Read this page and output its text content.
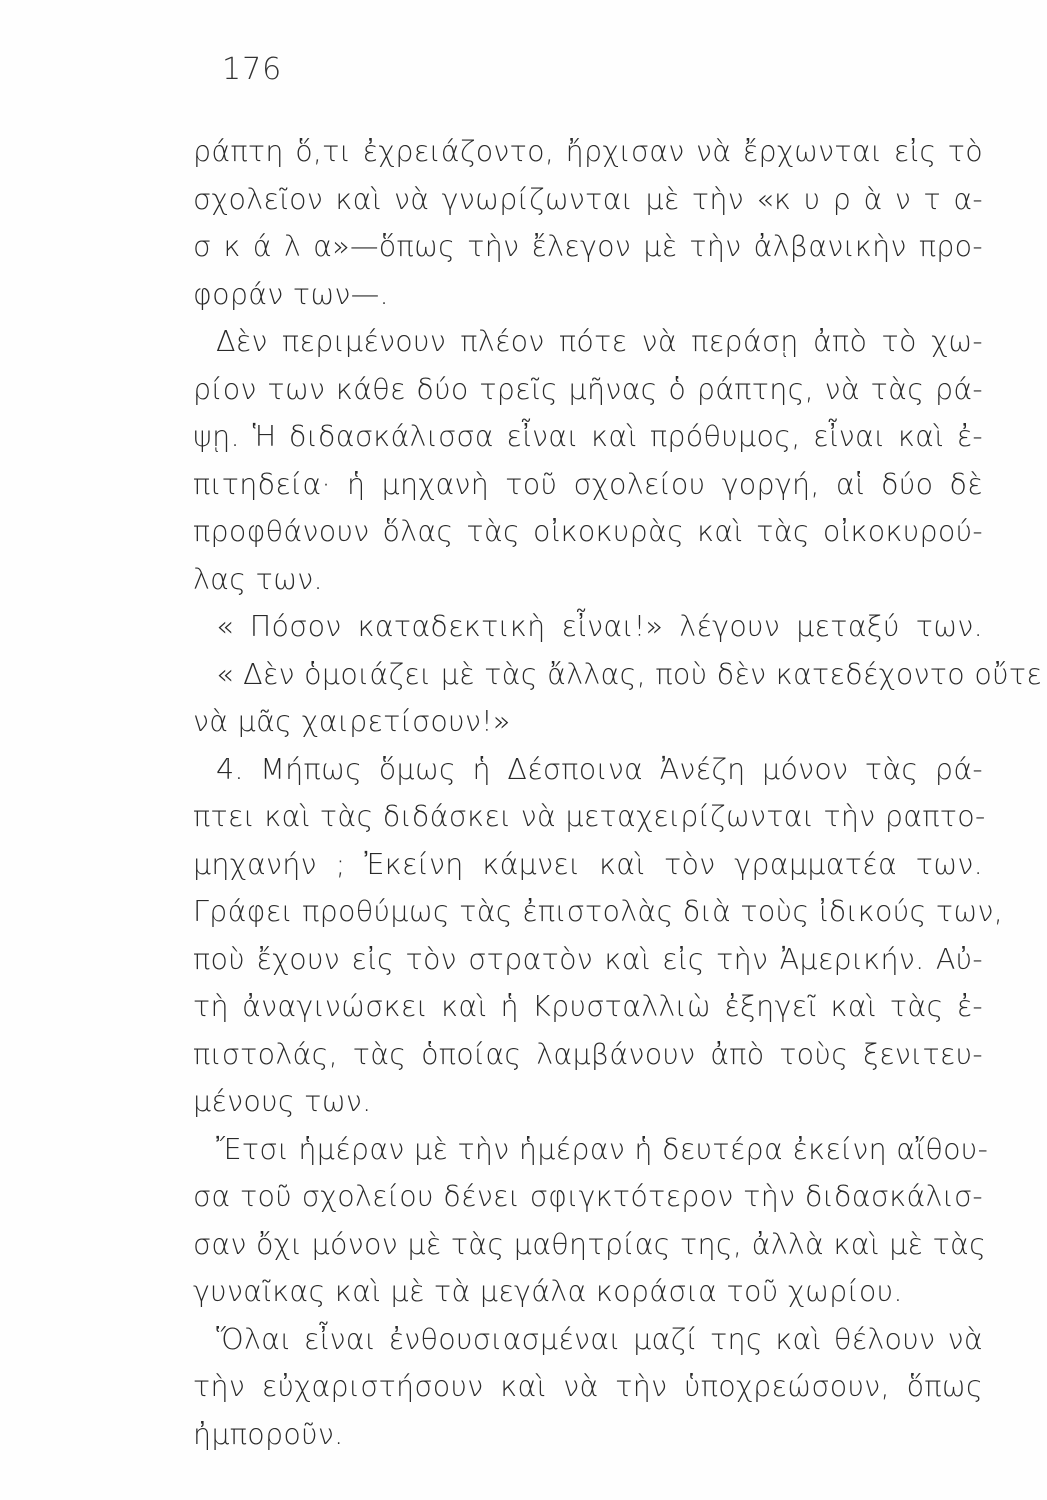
176
ράπτη ὅ,τι ἐχρειάζοντο, ἤρχισαν νὰ ἔρχωνται εἰς τὸ
σχολεῖον καὶ νὰ γνωρίζωνται μὲ τὴν «κ υ ρ ὰ ν τ α-
σ κ ά λ α»—ὅπως τὴν ἔλεγον μὲ τὴν ἀλβανικὴν προ-
φοράν των—.
Δὲν περιμένουν πλέον πότε νὰ περάσῃ ἀπὸ τὸ χω-
ρίον των κάθε δύο τρεῖς μῆνας ὁ ράπτης, νὰ τὰς ρά-
ψῃ. Ἡ διδασκάλισσα εἶναι καὶ πρόθυμος, εἶναι καὶ ἐ-
πιτηδεία· ἡ μηχανὴ τοῦ σχολείου γοργή, αἱ δύο δὲ
προφθάνουν ὅλας τὰς οἰκοκυρὰς καὶ τὰς οἰκοκυρού-
λας των.
« Πόσον καταδεκτικὴ εἶναι!» λέγουν μεταξύ των.
« Δὲν ὁμοιάζει μὲ τὰς ἄλλας, ποὺ δὲν κατεδέχοντο οὔτε
νὰ μᾶς χαιρετίσουν!»
4. Μήπως ὅμως ἡ Δέσποινα Ἀνέζη μόνον τὰς ρά-
πτει καὶ τὰς διδάσκει νὰ μεταχειρίζωνται τὴν ραπτο-
μηχανήν ; Ἐκείνη κάμνει καὶ τὸν γραμματέα των.
Γράφει προθύμως τὰς ἐπιστολὰς διὰ τοὺς ἰδικούς των,
ποὺ ἔχουν εἰς τὸν στρατὸν καὶ εἰς τὴν Ἀμερικήν. Αὐ-
τὴ ἀναγινώσκει καὶ ἡ Κρυσταλλιὼ ἐξηγεῖ καὶ τὰς ἐ-
πιστολάς, τὰς ὁποίας λαμβάνουν ἀπὸ τοὺς ξενιτευ-
μένους των.
Ἔτσι ἡμέραν μὲ τὴν ἡμέραν ἡ δευτέρα ἐκείνη αἴθου-
σα τοῦ σχολείου δένει σφιγκτότερον τὴν διδασκάλισ-
σαν ὄχι μόνον μὲ τὰς μαθητρίας της, ἀλλὰ καὶ μὲ τὰς
γυναῖκας καὶ μὲ τὰ μεγάλα κοράσια τοῦ χωρίου.
Ὅλαι εἶναι ἐνθουσιασμέναι μαζί της καὶ θέλουν νὰ
τὴν εὐχαριστήσουν καὶ νὰ τὴν ὑποχρεώσουν, ὅπως
ἠμποροῦν.
